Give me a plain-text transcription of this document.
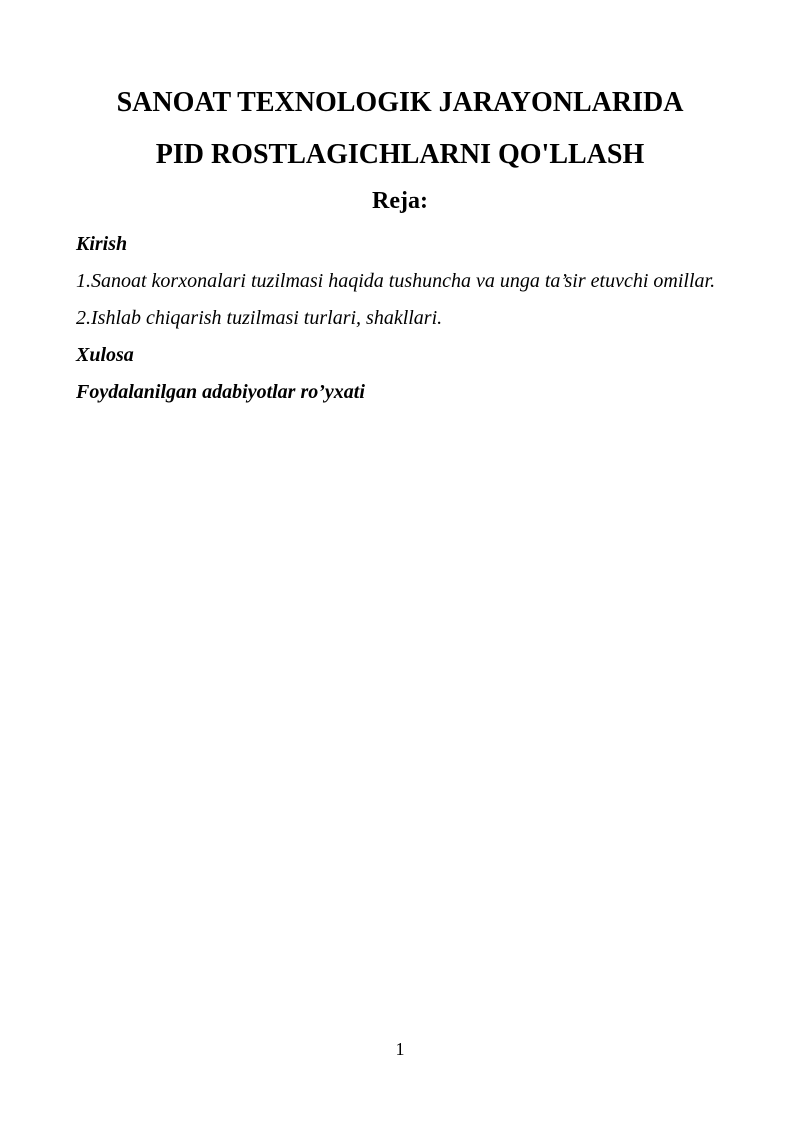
SANOAT TEXNOLOGIK JARAYONLARIDA
PID ROSTLAGICHLARNI QO'LLASH
Reja:
Kirish
1.Sanoat korxonalari tuzilmasi haqida tushuncha va unga ta’sir etuvchi omillar.
2.Ishlab chiqarish tuzilmasi turlari, shakllari.
Xulosa
Foydalanilgan adabiyotlar ro’yxati
1
